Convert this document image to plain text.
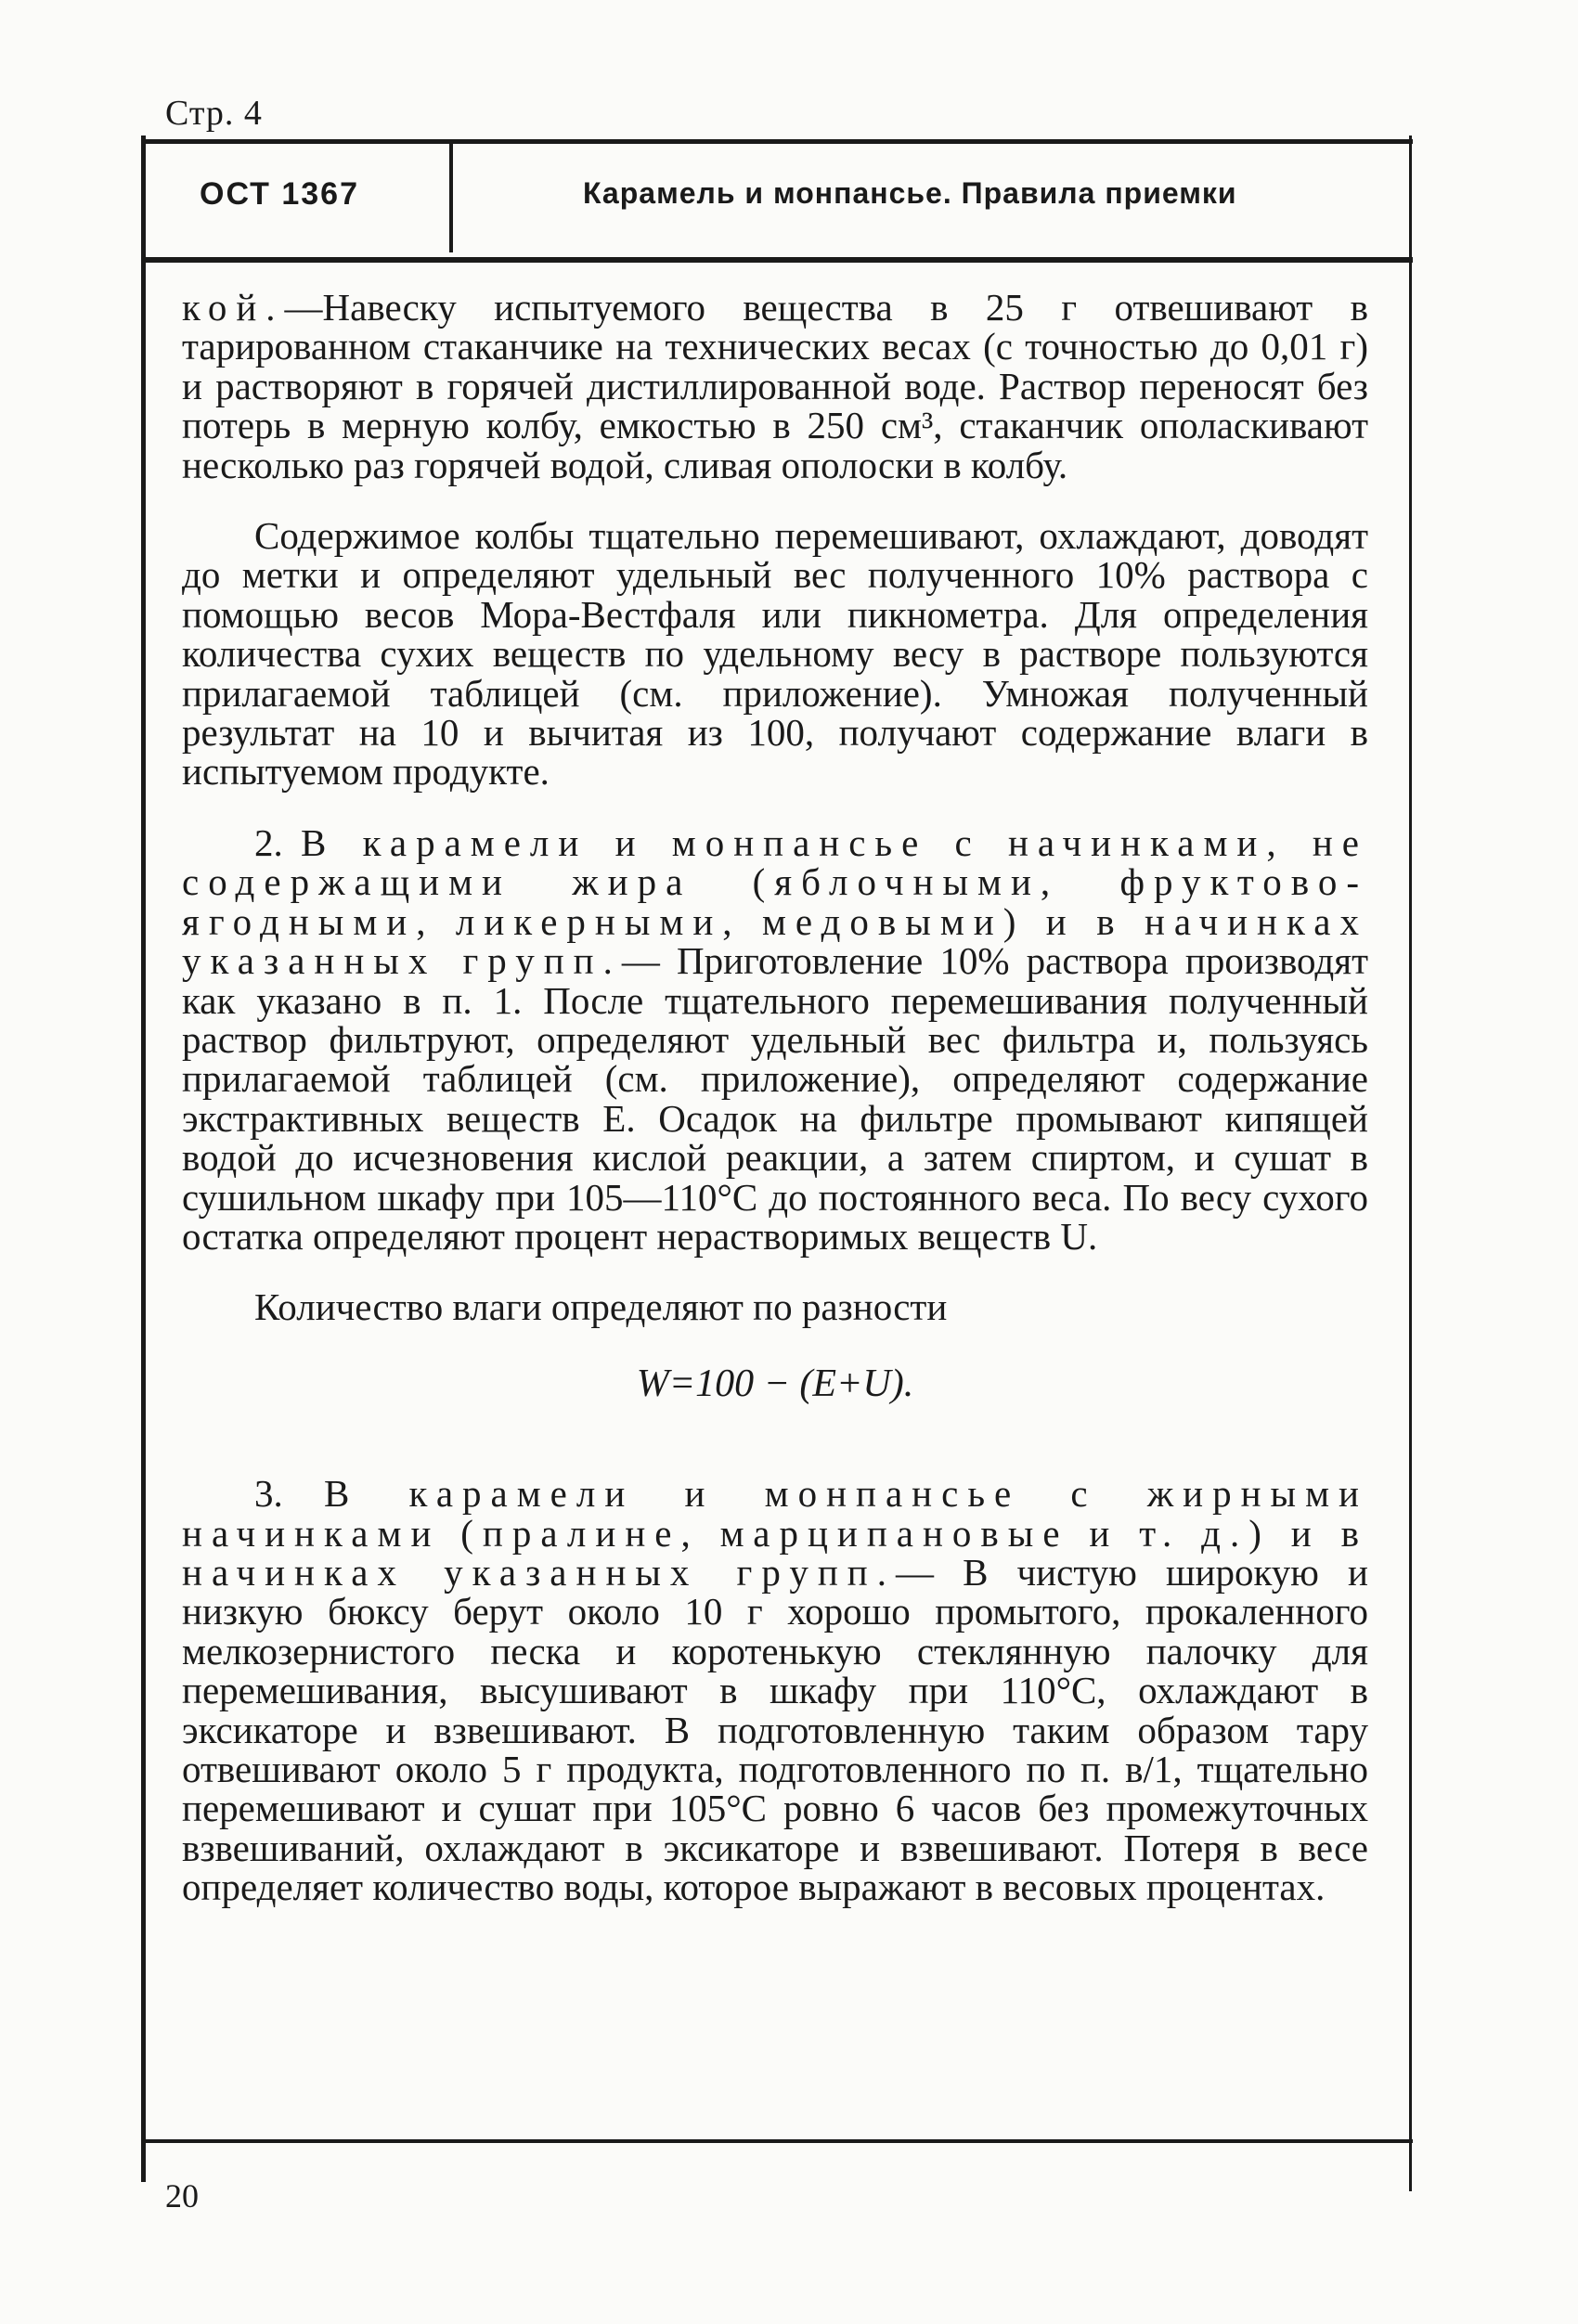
Стр. 4
ОСТ 1367	Карамель и монпансье. Правила приемки

кой.—Навеску испытуемого вещества в 25 г отвешивают в тарированном стаканчике на технических весах (с точностью до 0,01 г) и растворяют в горячей дистиллированной воде. Раствор переносят без потерь в мерную колбу, емкостью в 250 см³, стаканчик ополаскивают несколько раз горячей водой, сливая ополоски в колбу.

Содержимое колбы тщательно перемешивают, охлаждают, доводят до метки и определяют удельный вес полученного 10% раствора с помощью весов Мора-Вестфаля или пикнометра. Для определения количества сухих веществ по удельному весу в растворе пользуются прилагаемой таблицей (см. приложение). Умножая полученный результат на 10 и вычитая из 100, получают содержание влаги в испытуемом продукте.

2. В карамели и монпансье с начинками, не содержащими жира (яблочными, фруктово-ягодными, ликерными, медовыми) и в начинках указанных групп.— Приготовление 10% раствора производят как указано в п. 1. После тщательного перемешивания полученный раствор фильтруют, определяют удельный вес фильтра и, пользуясь прилагаемой таблицей (см. приложение), определяют содержание экстрактивных веществ E. Осадок на фильтре промывают кипящей водой до исчезновения кислой реакции, а затем спиртом, и сушат в сушильном шкафу при 105—110°С до постоянного веса. По весу сухого остатка определяют процент нерастворимых веществ U.

Количество влаги определяют по разности

W=100 − (E+U).

3. В карамели и монпансье с жирными начинками (пралине, марципановые и т. д.) и в начинках указанных групп.— В чистую широкую и низкую бюксу берут около 10 г хорошо промытого, прокаленного мелкозернистого песка и коротенькую стеклянную палочку для перемешивания, высушивают в шкафу при 110°С, охлаждают в эксикаторе и взвешивают. В подготовленную таким образом тару отвешивают около 5 г продукта, подготовленного по п. в/1, тщательно перемешивают и сушат при 105°С ровно 6 часов без промежуточных взвешиваний, охлаждают в эксикаторе и взвешивают. Потеря в весе определяет количество воды, которое выражают в весовых процентах.

20
